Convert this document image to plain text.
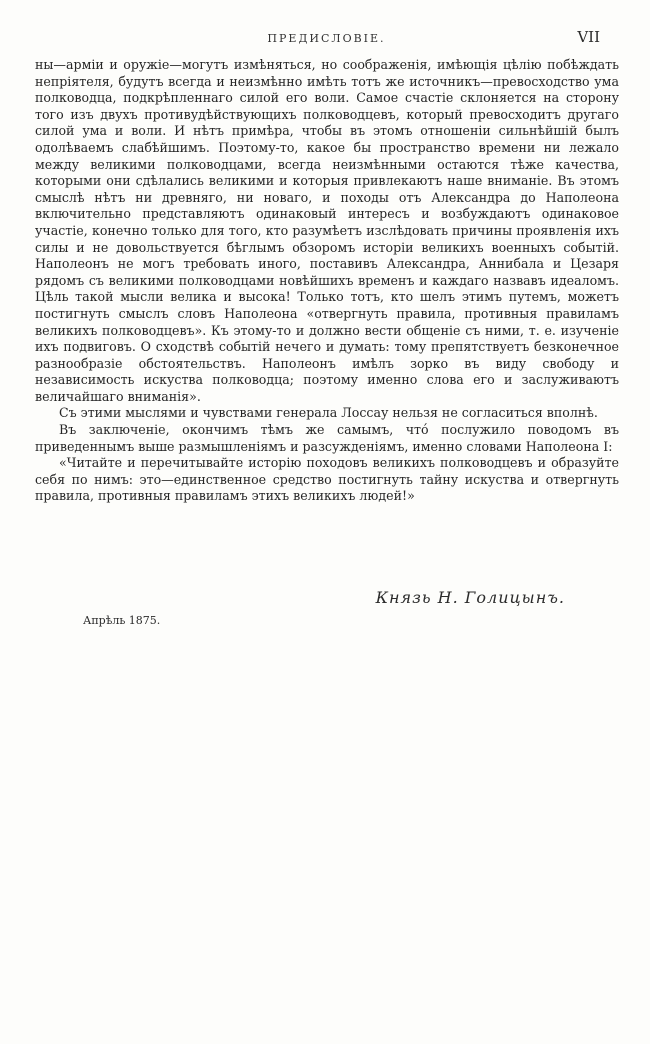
ПРЕДИСЛОВІЕ.	VII

ны—арміи и оружіе—могутъ измѣняться, но соображенія, имѣющія цѣлію побѣждать непріятеля, будутъ всегда и неизмѣнно имѣть тотъ же источникъ—превосходство ума полководца, подкрѣпленнаго силой его воли. Самое счастіе склоняется на сторону того изъ двухъ противудѣйствующихъ полководцевъ, который превосходитъ другаго силой ума и воли. И нѣтъ примѣра, чтобы въ этомъ отношеніи сильнѣйшій былъ одолѣваемъ слабѣйшимъ. Поэтому-то, какое бы пространство времени ни лежало между великими полководцами, всегда неизмѣнными остаются тѣже качества, которыми они сдѣлались великими и которыя привлекаютъ наше вниманіе. Въ этомъ смыслѣ нѣтъ ни древняго, ни новаго, и походы отъ Александра до Наполеона включительно представляютъ одинаковый интересъ и возбуждаютъ одинаковое участіе, конечно только для того, кто разумѣетъ изслѣдовать причины проявленія ихъ силы и не довольствуется бѣглымъ обзоромъ исторіи великихъ военныхъ событій. Наполеонъ не могъ требовать иного, поставивъ Александра, Аннибала и Цезаря рядомъ съ великими полководцами новѣйшихъ временъ и каждаго назвавъ идеаломъ. Цѣль такой мысли велика и высока! Только тотъ, кто шелъ этимъ путемъ, можетъ постигнуть смыслъ словъ Наполеона «отвергнуть правила, противныя правиламъ великихъ полководцевъ». Къ этому-то и должно вести общеніе съ ними, т. е. изученіе ихъ подвиговъ. О сходствѣ событій нечего и думать: тому препятствуетъ безконечное разнообразіе обстоятельствъ. Наполеонъ имѣлъ зорко въ виду свободу и независимость искуства полководца; поэтому именно слова его и заслуживаютъ величайшаго вниманія».

Съ этими мыслями и чувствами генерала Лоссау нельзя не согласиться вполнѣ.

Въ заключеніе, окончимъ тѣмъ же самымъ, чтó послужило поводомъ въ приведеннымъ выше размышленіямъ и разсужденіямъ, именно словами Наполеона I:

«Читайте и перечитывайте исторію походовъ великихъ полководцевъ и образуйте себя по нимъ: это—единственное средство постигнуть тайну искуства и отвергнуть правила, противныя правиламъ этихъ великихъ людей!»

Князь Н. Голицынъ.
Апрѣль 1875.
